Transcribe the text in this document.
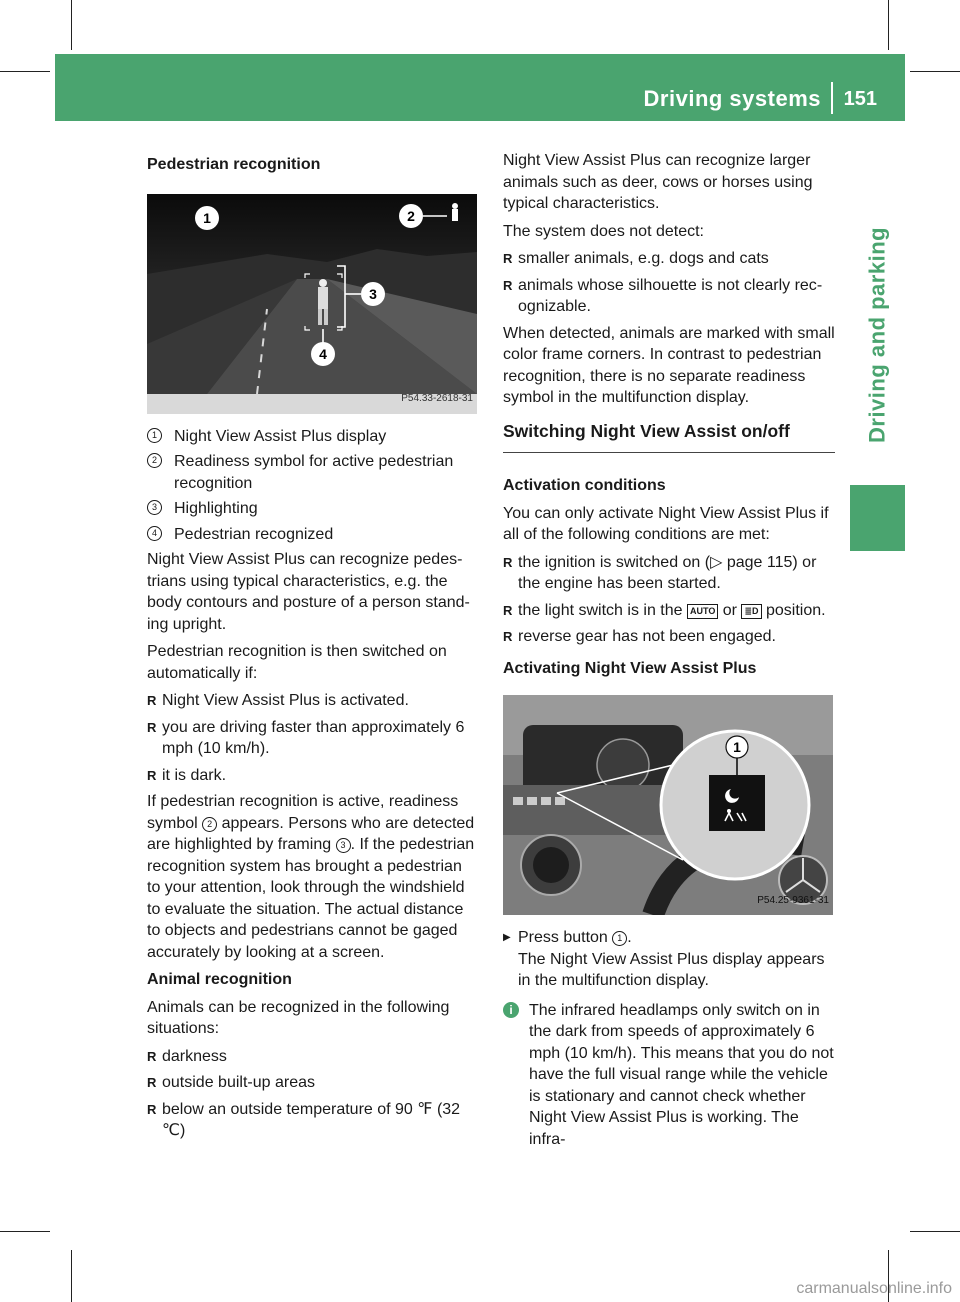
Driving systems 151
Driving and parking
Pedestrian recognition
1	2
3
4
P54.33-2618-31
1	Night View Assist Plus display
2	Readiness symbol for active pedestrian recognition
3	Highlighting
4	Pedestrian recognized

Night View Assist Plus can recognize pedestrians using typical characteristics, e.g. the body contours and posture of a person standing upright.

Pedestrian recognition is then switched on automatically if:

R Night View Assist Plus is activated.
R you are driving faster than approximately 6 mph (10 km/h).
R it is dark.

If pedestrian recognition is active, readiness symbol 2 appears. Persons who are detected are highlighted by framing 3 . If the pedestrian recognition system has brought a pedestrian to your attention, look through the windshield to evaluate the situation. The actual distance to objects and pedestrians cannot be gaged accurately by looking at a screen.

Animal recognition

Animals can be recognized in the following situations:

R darkness
R outside built-up areas
R below an outside temperature of 90 ℉ (32 ℃)

Night View Assist Plus can recognize larger animals such as deer, cows or horses using typical characteristics.

The system does not detect:

R smaller animals, e.g. dogs and cats
R animals whose silhouette is not clearly recognizable.

When detected, animals are marked with small color frame corners. In contrast to pedestrian recognition, there is no separate readiness symbol in the multifunction display.

Switching Night View Assist on/off
Activation conditions

You can only activate Night View Assist Plus if all of the following conditions are met:

R the ignition is switched on (▷ page 115) or the engine has been started.
R the light switch is in the AUTO or ≣D position.
R reverse gear has not been engaged.
Activating Night View Assist Plus
1
P54.25-9361-31
▶ Press button 1 .
The Night View Assist Plus display appears in the multifunction display.
i	The infrared headlamps only switch on in the dark from speeds of approximately 6 mph (10 km/h). This means that you do not have the full visual range while the vehicle is stationary and cannot check whether Night View Assist Plus is working. The infra-
carmanualsonline.info
